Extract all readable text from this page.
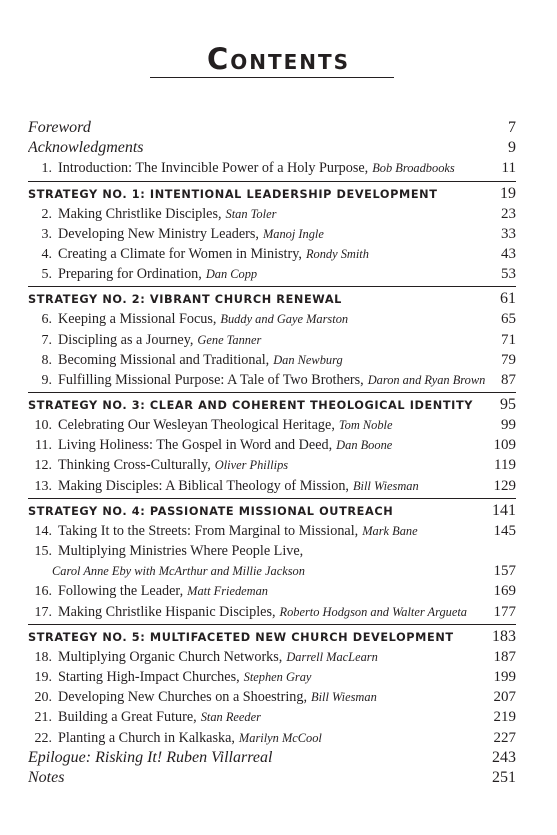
Contents
Foreword	7
Acknowledgments	9
1. Introduction: The Invincible Power of a Holy Purpose, Bob Broadbooks	11
STRATEGY NO. 1: INTENTIONAL LEADERSHIP DEVELOPMENT	19
2. Making Christlike Disciples, Stan Toler	23
3. Developing New Ministry Leaders, Manoj Ingle	33
4. Creating a Climate for Women in Ministry, Rondy Smith	43
5. Preparing for Ordination, Dan Copp	53
STRATEGY NO. 2: VIBRANT CHURCH RENEWAL	61
6. Keeping a Missional Focus, Buddy and Gaye Marston	65
7. Discipling as a Journey, Gene Tanner	71
8. Becoming Missional and Traditional, Dan Newburg	79
9. Fulfilling Missional Purpose: A Tale of Two Brothers, Daron and Ryan Brown	87
STRATEGY NO. 3: CLEAR AND COHERENT THEOLOGICAL IDENTITY	95
10. Celebrating Our Wesleyan Theological Heritage, Tom Noble	99
11. Living Holiness: The Gospel in Word and Deed, Dan Boone	109
12. Thinking Cross-Culturally, Oliver Phillips	119
13. Making Disciples: A Biblical Theology of Mission, Bill Wiesman	129
STRATEGY NO. 4: PASSIONATE MISSIONAL OUTREACH	141
14. Taking It to the Streets: From Marginal to Missional, Mark Bane	145
15. Multiplying Ministries Where People Live,
Carol Anne Eby with McArthur and Millie Jackson	157
16. Following the Leader, Matt Friedeman	169
17. Making Christlike Hispanic Disciples, Roberto Hodgson and Walter Argueta	177
STRATEGY NO. 5: MULTIFACETED NEW CHURCH DEVELOPMENT	183
18. Multiplying Organic Church Networks, Darrell MacLearn	187
19. Starting High-Impact Churches, Stephen Gray	199
20. Developing New Churches on a Shoestring, Bill Wiesman	207
21. Building a Great Future, Stan Reeder	219
22. Planting a Church in Kalkaska, Marilyn McCool	227
Epilogue: Risking It! Ruben Villarreal	243
Notes	251
